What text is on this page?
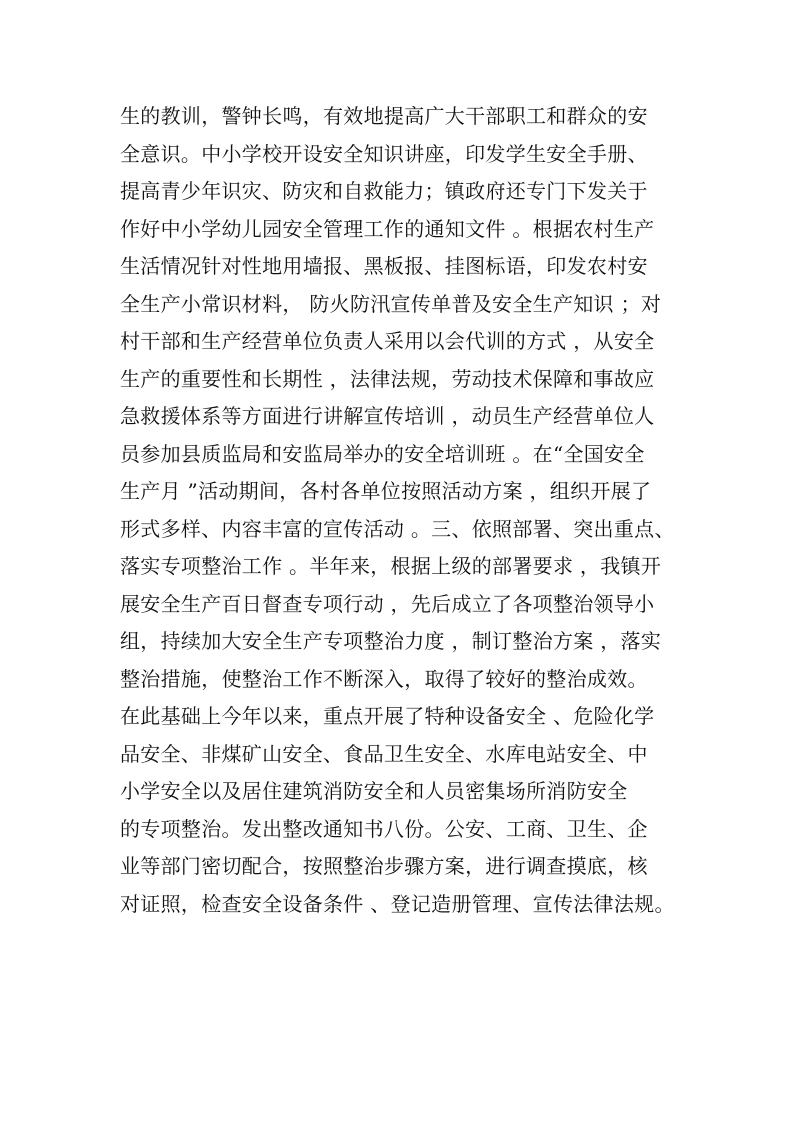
生的教训，警钟长鸣，有效地提高广大干部职工和群众的安
全意识。中小学校开设安全知识讲座，印发学生安全手册、
提高青少年识灾、防灾和自救能力；镇政府还专门下发关于
作好中小学幼儿园安全管理工作的通知文件 。根据农村生产
生活情况针对性地用墙报、黑板报、挂图标语，印发农村安
全生产小常识材料， 防火防汛宣传单普及安全生产知识 ；对
村干部和生产经营单位负责人采用以会代训的方式 ，从安全
生产的重要性和长期性 ，法律法规，劳动技术保障和事故应
急救援体系等方面进行讲解宣传培训 ，动员生产经营单位人
员参加县质监局和安监局举办的安全培训班 。在“全国安全
生产月 ”活动期间，各村各单位按照活动方案 ，组织开展了
形式多样、内容丰富的宣传活动 。三、依照部署、突出重点、
落实专项整治工作 。半年来，根据上级的部署要求 ，我镇开
展安全生产百日督查专项行动 ，先后成立了各项整治领导小
组，持续加大安全生产专项整治力度 ，制订整治方案 ，落实
整治措施，使整治工作不断深入，取得了较好的整治成效。
在此基础上今年以来，重点开展了特种设备安全 、危险化学
品安全、非煤矿山安全、食品卫生安全、水库电站安全、中
小学安全以及居住建筑消防安全和人员密集场所消防安全
的专项整治。发出整改通知书八份。公安、工商、卫生、企
业等部门密切配合，按照整治步骤方案，进行调查摸底，核
对证照，检查安全设备条件 、登记造册管理、宣传法律法规。
